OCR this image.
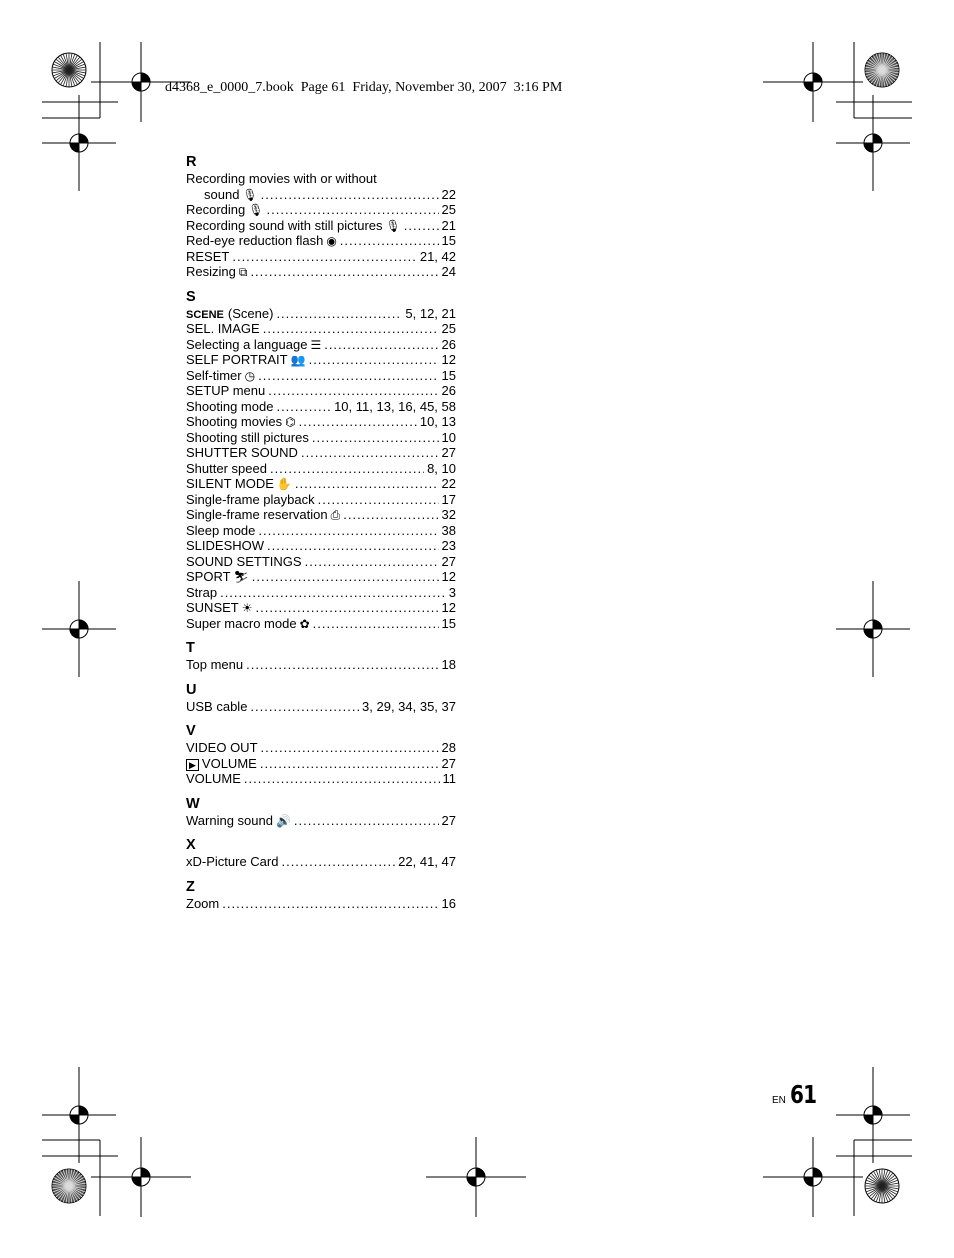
d4368_e_0000_7.book  Page 61  Friday, November 30, 2007  3:16 PM
R
Recording movies with or without
sound 🎙 .....	22
Recording 🎙 .....	25
Recording sound with still pictures 🎙 .....	21
Red-eye reduction flash ◉ .....	15
RESET .....	21, 42
Resizing ⧉ .....	24
S
SCENE (Scene) .....	5, 12, 21
SEL. IMAGE .....	25
Selecting a language ☰ .....	26
SELF PORTRAIT 👥 .....	12
Self-timer ◷ .....	15
SETUP menu .....	26
Shooting mode .....	10, 11, 13, 16, 45, 58
Shooting movies ⌬ .....	10, 13
Shooting still pictures .....	10
SHUTTER SOUND .....	27
Shutter speed .....	8, 10
SILENT MODE ✋ .....	22
Single-frame playback .....	17
Single-frame reservation ⎙ .....	32
Sleep mode .....	38
SLIDESHOW .....	23
SOUND SETTINGS .....	27
SPORT ⛷ .....	12
Strap .....	3
SUNSET ☀ .....	12
Super macro mode ✿ .....	15
T
Top menu .....	18
U
USB cable .....	3, 29, 34, 35, 37
V
VIDEO OUT .....	28
▶ VOLUME .....	27
VOLUME .....	11
W
Warning sound 🔊 .....	27
X
xD-Picture Card .....	22, 41, 47
Z
Zoom .....	16
EN 61
